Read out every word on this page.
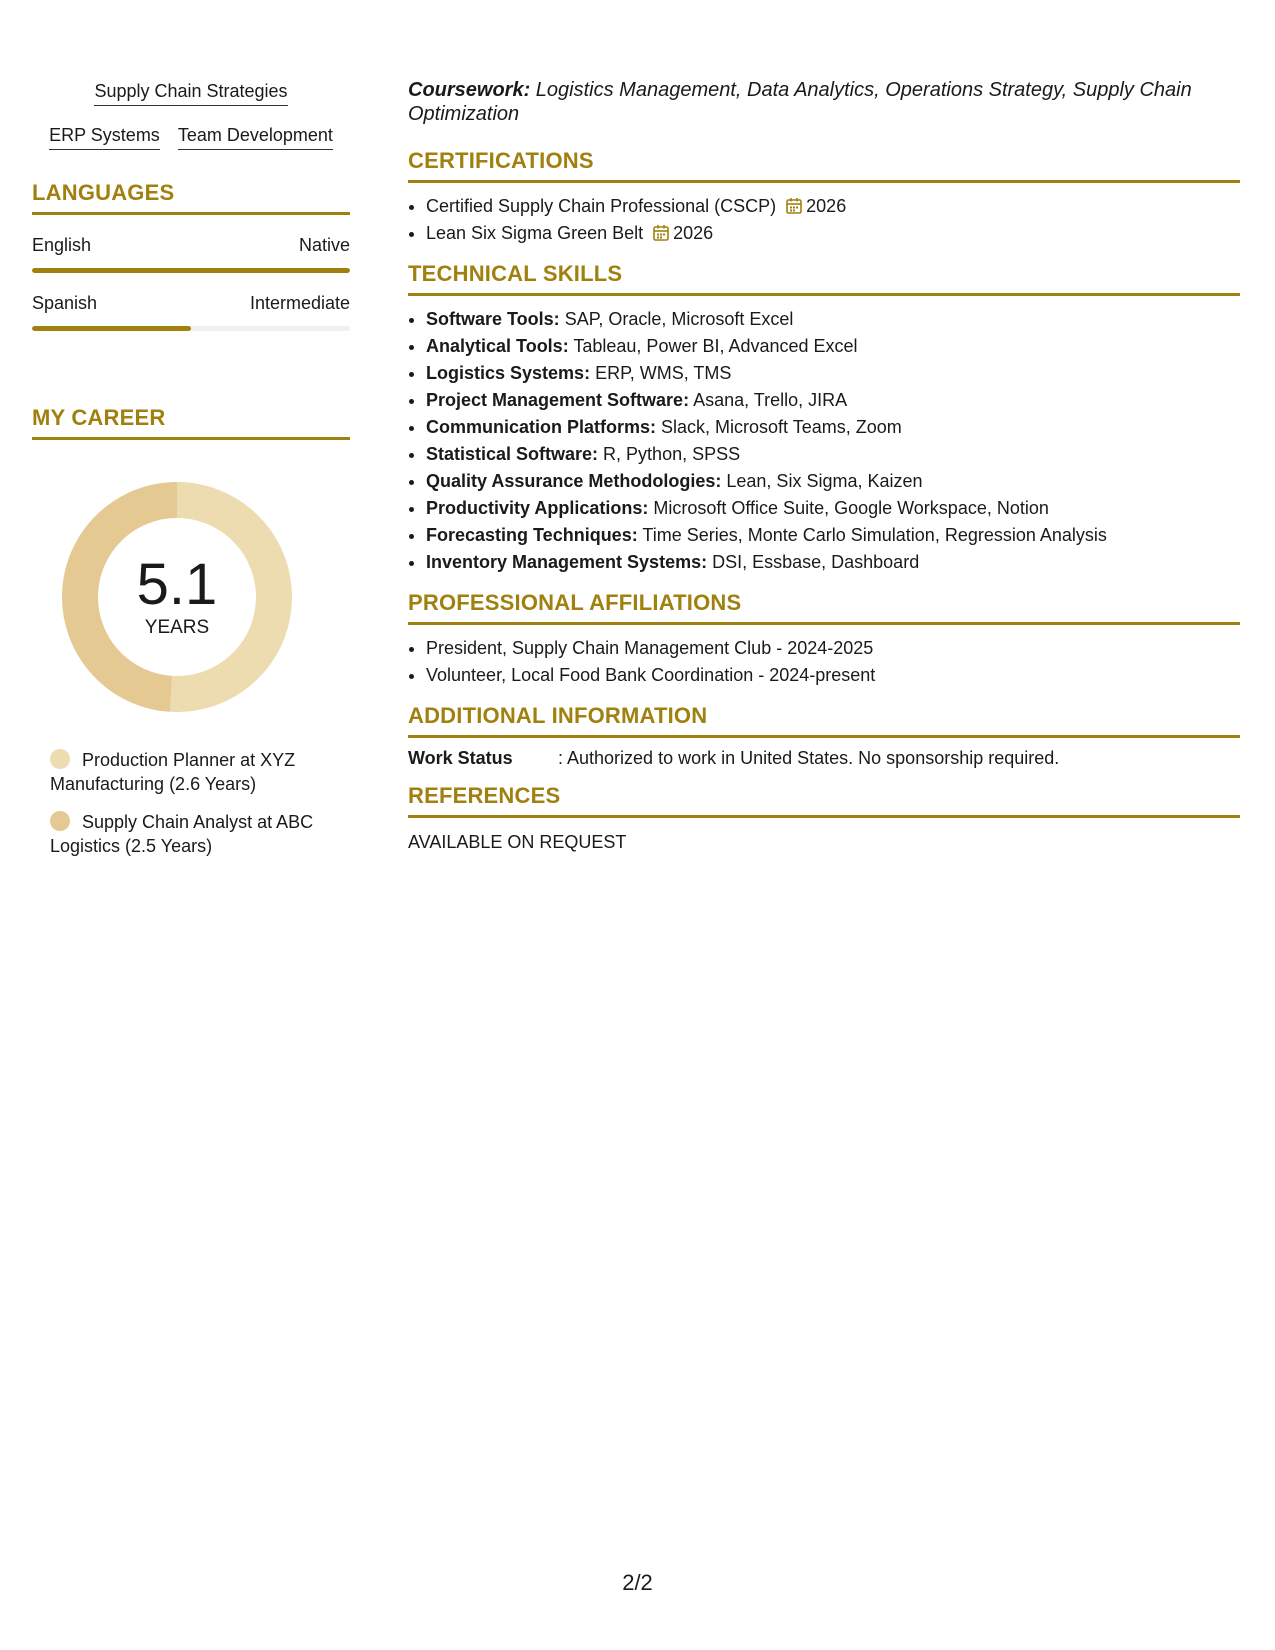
Supply Chain Strategies
ERP Systems Team Development
LANGUAGES
English	Native
Spanish	Intermediate
MY CAREER
5.1
YEARS
Production Planner at XYZ Manufacturing (2.6 Years)
Supply Chain Analyst at ABC Logistics (2.5 Years)

Coursework: Logistics Management, Data Analytics, Operations Strategy, Supply Chain Optimization

CERTIFICATIONS
• Certified Supply Chain Professional (CSCP) 2026
• Lean Six Sigma Green Belt 2026
TECHNICAL SKILLS
• Software Tools: SAP, Oracle, Microsoft Excel
• Analytical Tools: Tableau, Power BI, Advanced Excel
• Logistics Systems: ERP, WMS, TMS
• Project Management Software: Asana, Trello, JIRA
• Communication Platforms: Slack, Microsoft Teams, Zoom
• Statistical Software: R, Python, SPSS
• Quality Assurance Methodologies: Lean, Six Sigma, Kaizen
• Productivity Applications: Microsoft Office Suite, Google Workspace, Notion
• Forecasting Techniques: Time Series, Monte Carlo Simulation, Regression Analysis
• Inventory Management Systems: DSI, Essbase, Dashboard
PROFESSIONAL AFFILIATIONS
• President, Supply Chain Management Club - 2024-2025
• Volunteer, Local Food Bank Coordination - 2024-present
ADDITIONAL INFORMATION
Work Status	: Authorized to work in United States. No sponsorship required.
REFERENCES
AVAILABLE ON REQUEST
2/2
